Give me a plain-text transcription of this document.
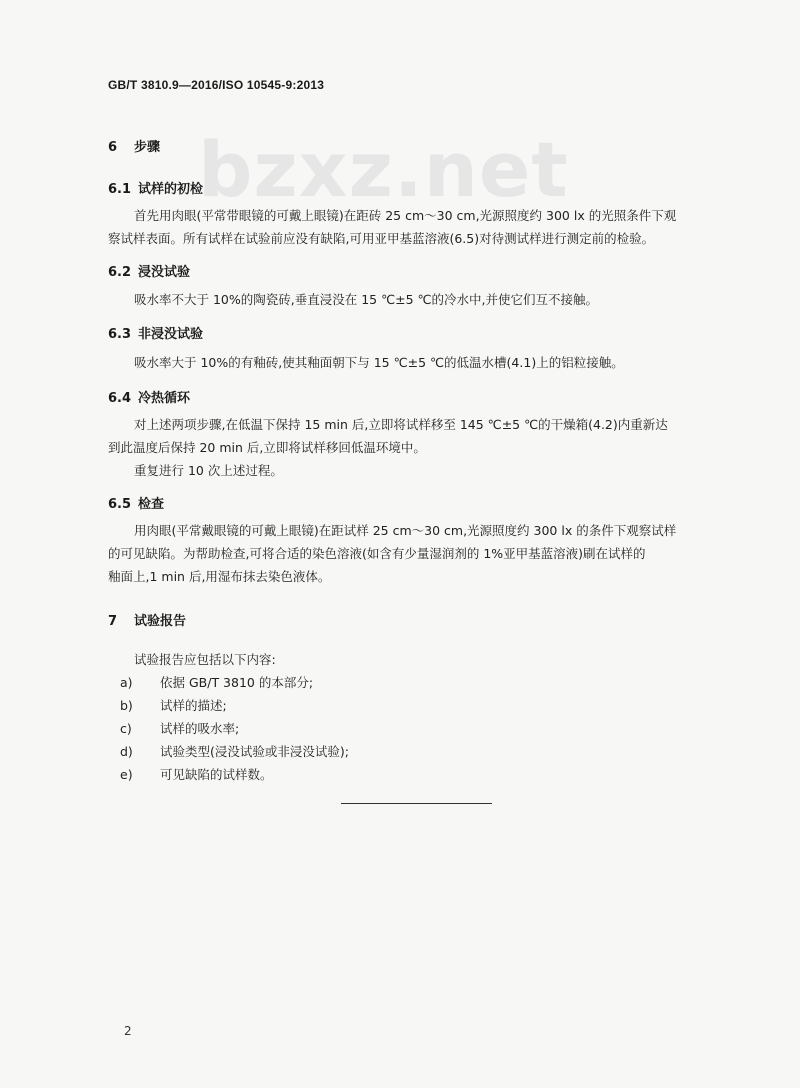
GB/T 3810.9—2016/ISO 10545-9:2013
bzxz.net
6 步骤
6.1 试样的初检
首先用肉眼(平常带眼镜的可戴上眼镜)在距砖 25 cm～30 cm,光源照度约 300 lx 的光照条件下观
察试样表面。所有试样在试验前应没有缺陷,可用亚甲基蓝溶液(6.5)对待测试样进行测定前的检验。
6.2 浸没试验
吸水率不大于 10%的陶瓷砖,垂直浸没在 15 ℃±5 ℃的冷水中,并使它们互不接触。
6.3 非浸没试验
吸水率大于 10%的有釉砖,使其釉面朝下与 15 ℃±5 ℃的低温水槽(4.1)上的铝粒接触。
6.4 冷热循环
对上述两项步骤,在低温下保持 15 min 后,立即将试样移至 145 ℃±5 ℃的干燥箱(4.2)内重新达
到此温度后保持 20 min 后,立即将试样移回低温环境中。
重复进行 10 次上述过程。
6.5 检查
用肉眼(平常戴眼镜的可戴上眼镜)在距试样 25 cm～30 cm,光源照度约 300 lx 的条件下观察试样
的可见缺陷。为帮助检查,可将合适的染色溶液(如含有少量湿润剂的 1%亚甲基蓝溶液)刷在试样的
釉面上,1 min 后,用湿布抹去染色液体。
7 试验报告
试验报告应包括以下内容:
a) 依据 GB/T 3810 的本部分;
b) 试样的描述;
c) 试样的吸水率;
d) 试验类型(浸没试验或非浸没试验);
e) 可见缺陷的试样数。
2
